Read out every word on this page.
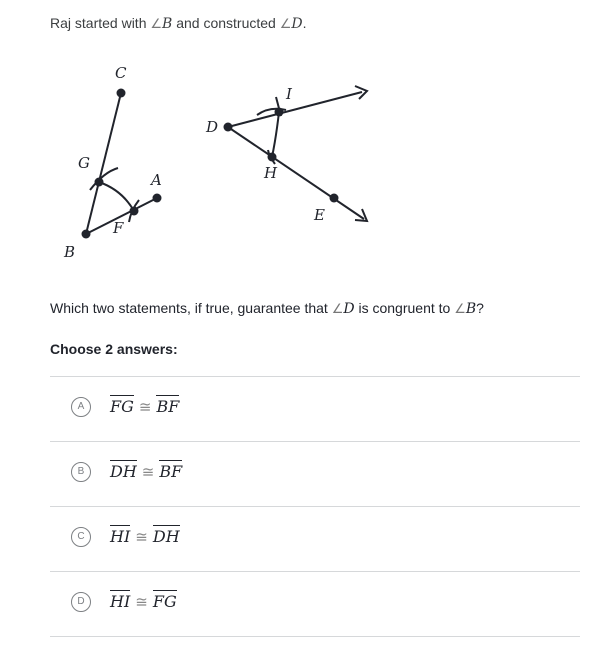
Raj started with ∠B and constructed ∠D.
C
G
A
F
B
D
I
H
E
Which two statements, if true, guarantee that ∠D is congruent to ∠B?
Choose 2 answers:
A	FG ≅ BF
B	DH ≅ BF
C	HI ≅ DH
D	HI ≅ FG
